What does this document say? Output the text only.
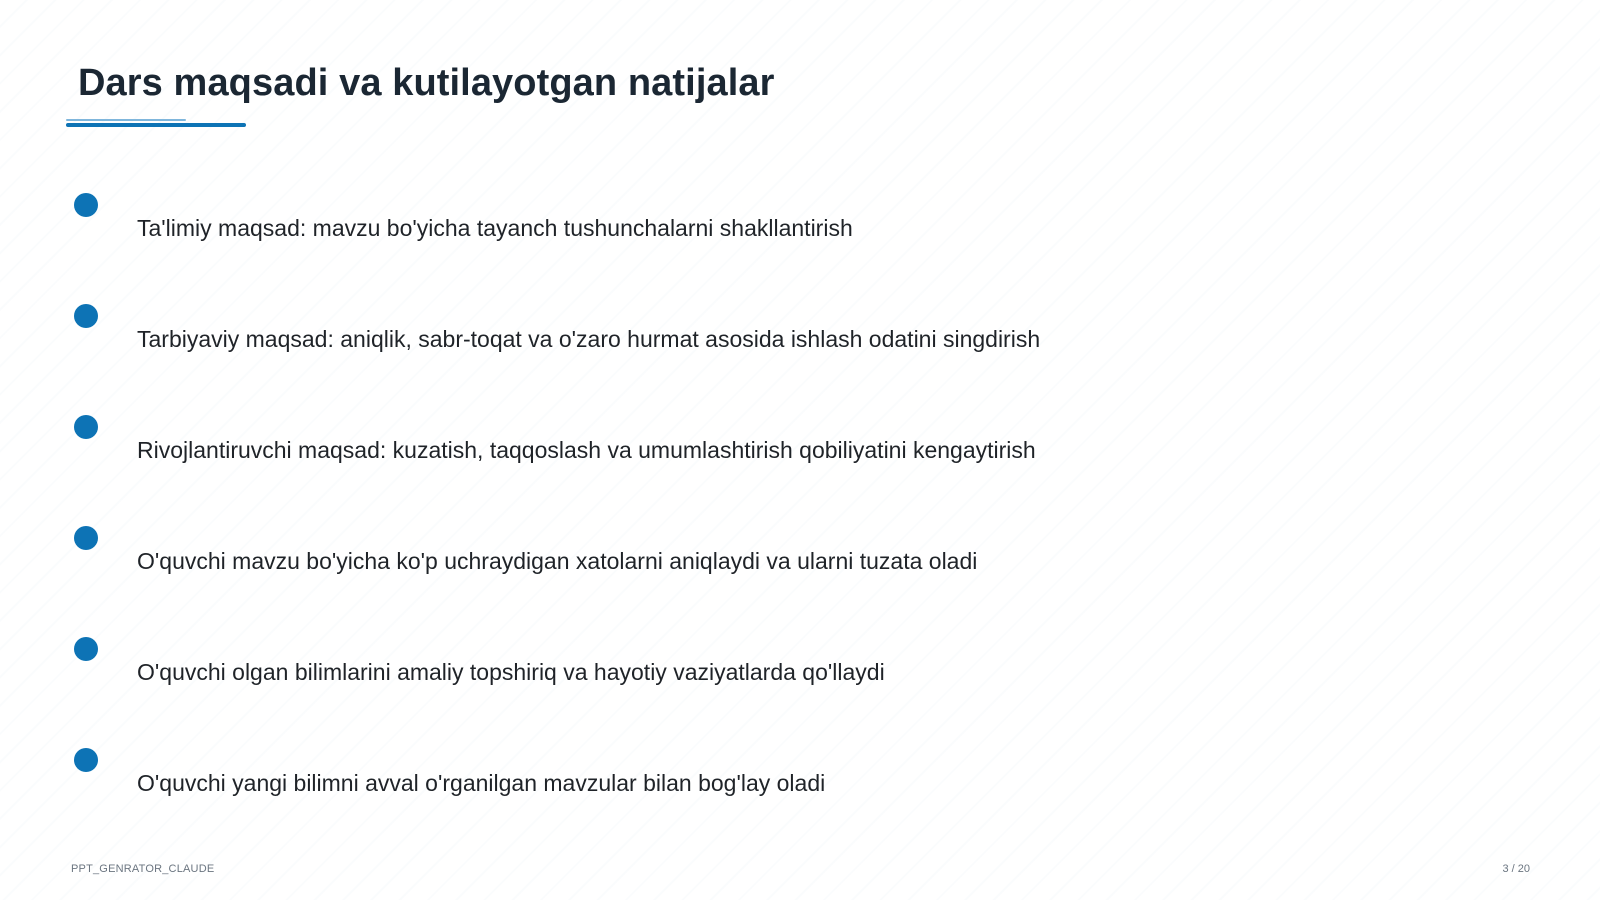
Dars maqsadi va kutilayotgan natijalar
Ta'limiy maqsad: mavzu bo'yicha tayanch tushunchalarni shakllantirish
Tarbiyaviy maqsad: aniqlik, sabr-toqat va o'zaro hurmat asosida ishlash odatini singdirish
Rivojlantiruvchi maqsad: kuzatish, taqqoslash va umumlashtirish qobiliyatini kengaytirish
O'quvchi mavzu bo'yicha ko'p uchraydigan xatolarni aniqlaydi va ularni tuzata oladi
O'quvchi olgan bilimlarini amaliy topshiriq va hayotiy vaziyatlarda qo'llaydi
O'quvchi yangi bilimni avval o'rganilgan mavzular bilan bog'lay oladi
PPT_GENRATOR_CLAUDE	3 / 20
